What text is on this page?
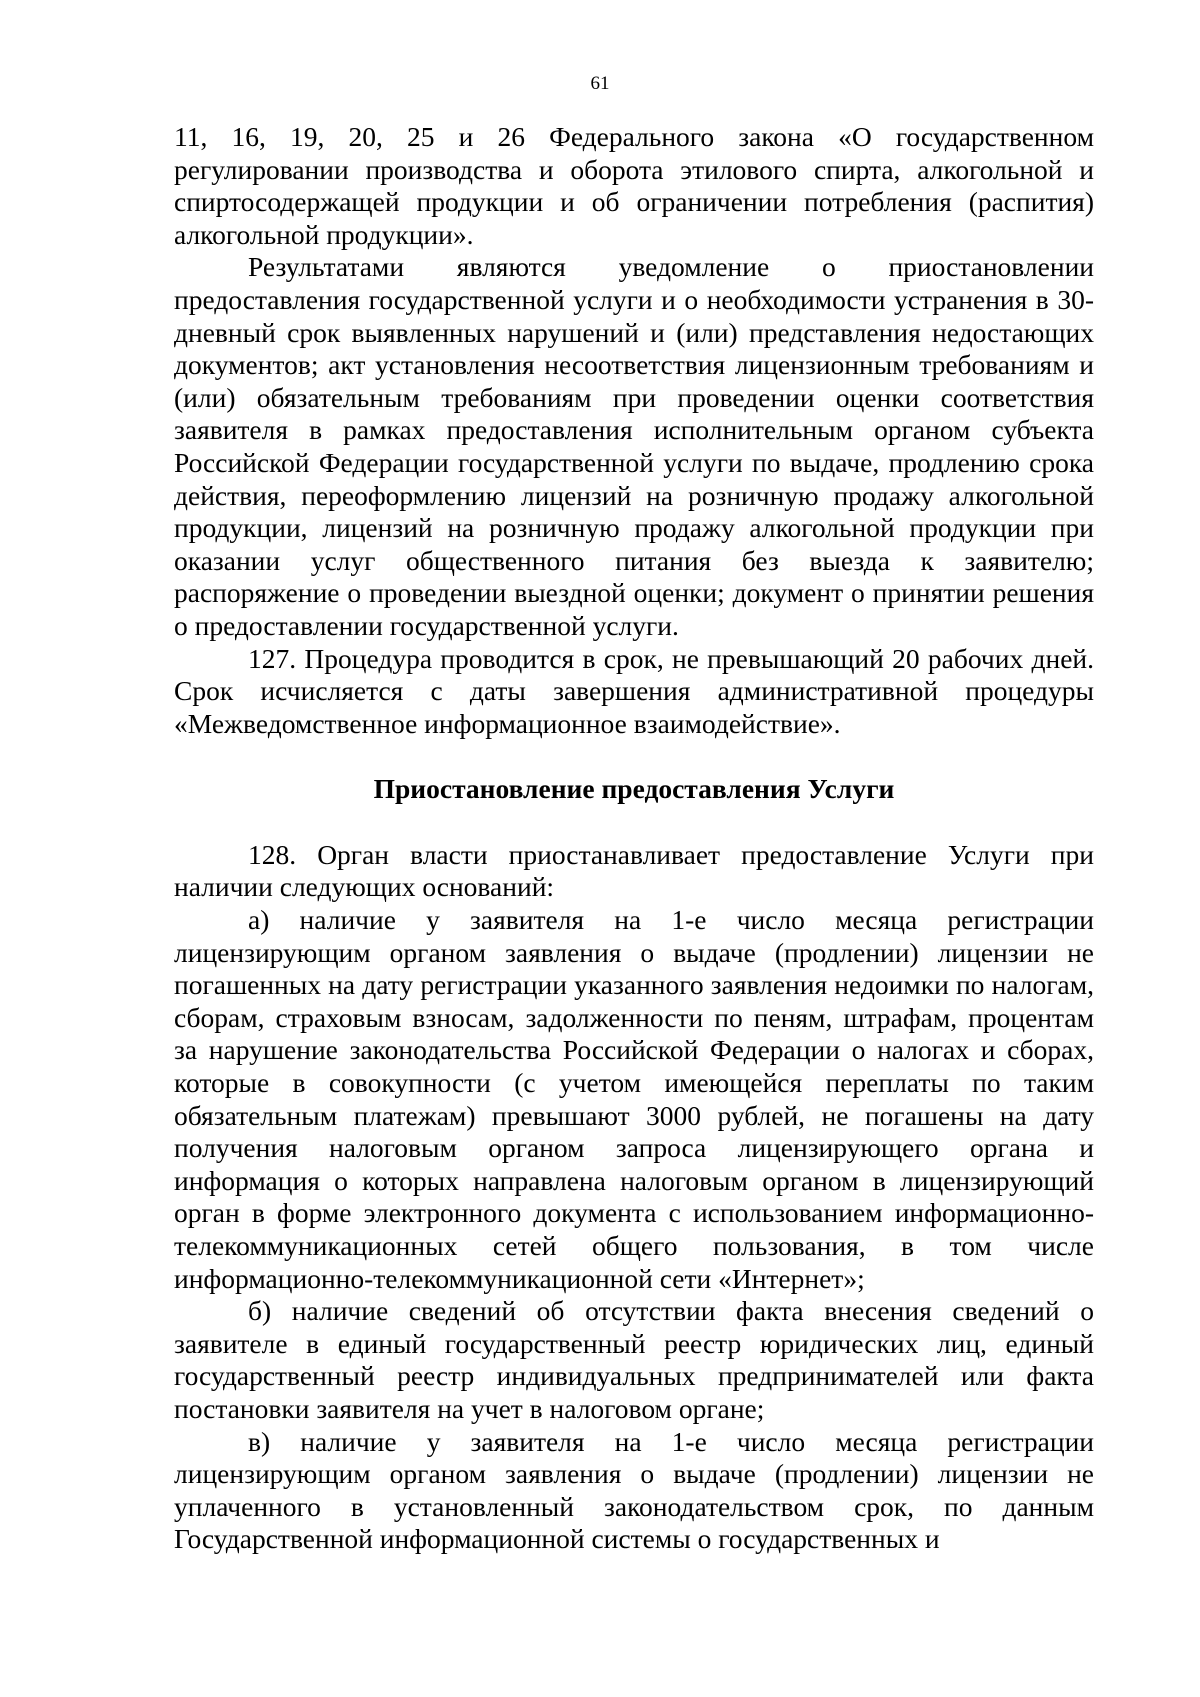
61

11, 16, 19, 20, 25 и 26 Федерального закона «О государственном регулировании производства и оборота этилового спирта, алкогольной и спиртосодержащей продукции и об ограничении потребления (распития) алкогольной продукции».

Результатами являются уведомление о приостановлении предоставления государственной услуги и о необходимости устранения в 30-дневный срок выявленных нарушений и (или) представления недостающих документов; акт установления несоответствия лицензионным требованиям и (или) обязательным требованиям при проведении оценки соответствия заявителя в рамках предоставления исполнительным органом субъекта Российской Федерации государственной услуги по выдаче, продлению срока действия, переоформлению лицензий на розничную продажу алкогольной продукции, лицензий на розничную продажу алкогольной продукции при оказании услуг общественного питания без выезда к заявителю; распоряжение о проведении выездной оценки; документ о принятии решения о предоставлении государственной услуги.

127. Процедура проводится в срок, не превышающий 20 рабочих дней. Срок исчисляется с даты завершения административной процедуры «Межведомственное информационное взаимодействие».

Приостановление предоставления Услуги

128. Орган власти приостанавливает предоставление Услуги при наличии следующих оснований:

а) наличие у заявителя на 1-е число месяца регистрации лицензирующим органом заявления о выдаче (продлении) лицензии не погашенных на дату регистрации указанного заявления недоимки по налогам, сборам, страховым взносам, задолженности по пеням, штрафам, процентам за нарушение законодательства Российской Федерации о налогах и сборах, которые в совокупности (с учетом имеющейся переплаты по таким обязательным платежам) превышают 3000 рублей, не погашены на дату получения налоговым органом запроса лицензирующего органа и информация о которых направлена налоговым органом в лицензирующий орган в форме электронного документа с использованием информационно-телекоммуникационных сетей общего пользования, в том числе информационно-телекоммуникационной сети «Интернет»;

б) наличие сведений об отсутствии факта внесения сведений о заявителе в единый государственный реестр юридических лиц, единый государственный реестр индивидуальных предпринимателей или факта постановки заявителя на учет в налоговом органе;

в) наличие у заявителя на 1-е число месяца регистрации лицензирующим органом заявления о выдаче (продлении) лицензии не уплаченного в установленный законодательством срок, по данным Государственной информационной системы о государственных и
